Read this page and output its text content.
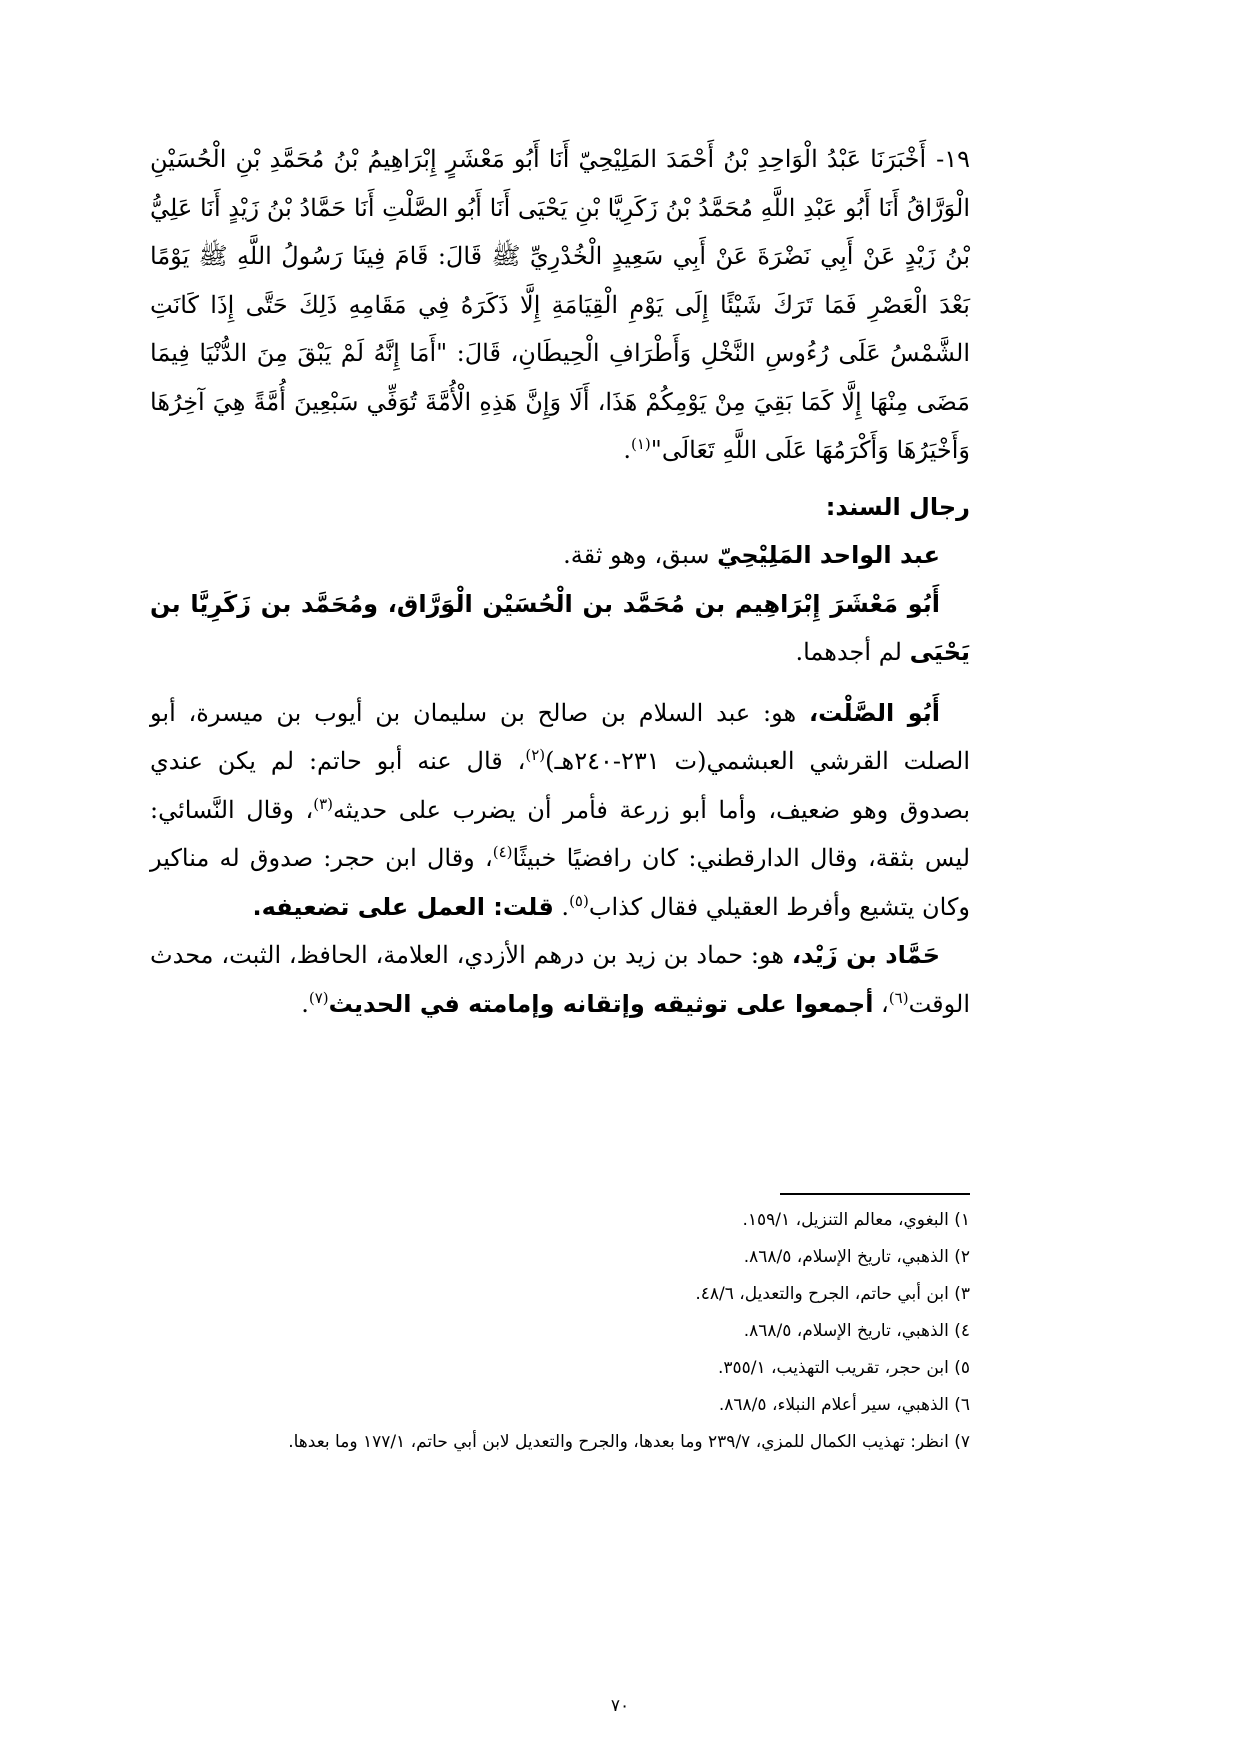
١٩-أَخْبَرَنَا عَبْدُ الْوَاحِدِ بْنُ أَحْمَدَ المَلِيْحِيّ أَنَا أَبُو مَعْشَرٍ إِبْرَاهِيمُ بْنُ مُحَمَّدِ بْنِ الْحُسَيْنِ الْوَرَّاقُ أَنَا أَبُو عَبْدِ اللَّهِ مُحَمَّدُ بْنُ زَكَرِيَّا بْنِ يَحْيَى أَنَا أَبُو الصَّلْتِ أَنَا حَمَّادُ بْنُ زَيْدٍ أَنَا عَلِيُّ بْنُ زَيْدٍ عَنْ أَبِي نَضْرَةَ عَنْ أَبِي سَعِيدٍ الْخُدْرِيِّ ﷺ قَالَ: قَامَ فِينَا رَسُولُ اللَّهِ ﷺ يَوْمًا بَعْدَ الْعَصْرِ فَمَا تَرَكَ شَيْئًا إِلَى يَوْمِ الْقِيَامَةِ إِلَّا ذَكَرَهُ فِي مَقَامِهِ ذَلِكَ حَتَّى إِذَا كَانَتِ الشَّمْسُ عَلَى رُءُوسِ النَّخْلِ وَأَطْرَافِ الْحِيطَانِ، قَالَ: "أَمَا إِنَّهُ لَمْ يَبْقَ مِنَ الدُّنْيَا فِيمَا مَضَى مِنْهَا إِلَّا كَمَا بَقِيَ مِنْ يَوْمِكُمْ هَذَا، أَلَا وَإِنَّ هَذِهِ الْأُمَّةَ تُوَفِّي سَبْعِينَ أُمَّةً هِيَ آخِرُهَا وَأَخْيَرُهَا وَأَكْرَمُهَا عَلَى اللَّهِ تَعَالَى"$^{(١)}$.

رجال السند:

عبد الواحد المَلِيْحِيّ سبق، وهو ثقة.

أَبُو مَعْشَرَ إِبْرَاهِيم بن مُحَمَّد بن الْحُسَيْن الْوَرَّاق، ومُحَمَّد بن زَكَرِيَّا بن يَحْيَى لم أجدهما.

أَبُو الصَّلْت، هو: عبد السلام بن صالح بن سليمان بن أيوب بن ميسرة، أبو الصلت القرشي العبشمي(ت ٢٣١-٢٤٠هـ)$^{(٢)}$، قال عنه أبو حاتم: لم يكن عندي بصدوق وهو ضعيف، وأما أبو زرعة فأمر أن يضرب على حديثه$^{(٣)}$، وقال النَّسائي: ليس بثقة، وقال الدارقطني: كان رافضيًا خبيثًا$^{(٤)}$، وقال ابن حجر: صدوق له مناكير وكان يتشيع وأفرط العقيلي فقال كذاب$^{(٥)}$. قلت: العمل على تضعيفه.

حَمَّاد بن زَيْد، هو: حماد بن زيد بن درهم الأزدي، العلامة، الحافظ، الثبت، محدث الوقت$^{(٦)}$، أجمعوا على توثيقه وإتقانه وإمامته في الحديث$^{(٧)}$.

١) البغوي، معالم التنزيل، ١٥٩/١.
٢) الذهبي، تاريخ الإسلام، ٨٦٨/٥.
٣) ابن أبي حاتم، الجرح والتعديل، ٤٨/٦.
٤) الذهبي، تاريخ الإسلام، ٨٦٨/٥.
٥) ابن حجر، تقريب التهذيب، ٣٥٥/١.
٦) الذهبي، سير أعلام النبلاء، ٨٦٨/٥.
٧) انظر: تهذيب الكمال للمزي، ٢٣٩/٧ وما بعدها، والجرح والتعديل لابن أبي حاتم، ١٧٧/١ وما بعدها.
٧٠
